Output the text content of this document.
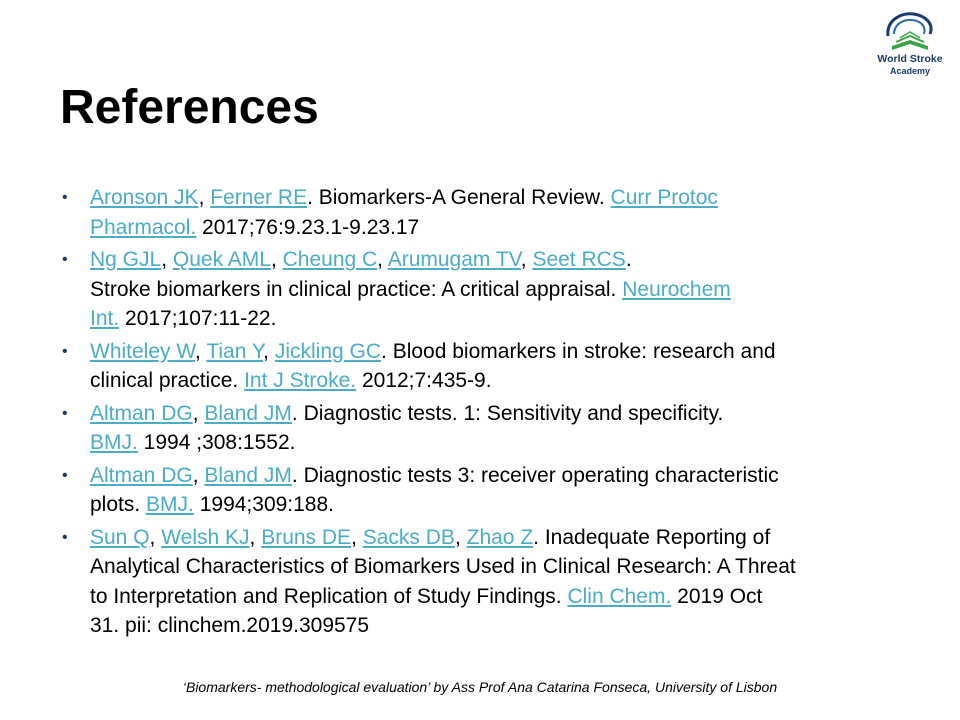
World Stroke
Academy
References
• Aronson JK, Ferner RE. Biomarkers-A General Review. Curr Protoc
Pharmacol. 2017;76:9.23.1-9.23.17
• Ng GJL, Quek AML, Cheung C, Arumugam TV, Seet RCS.
Stroke biomarkers in clinical practice: A critical appraisal. Neurochem
Int. 2017;107:11-22.
• Whiteley W, Tian Y, Jickling GC. Blood biomarkers in stroke: research and
clinical practice. Int J Stroke. 2012;7:435-9.
• Altman DG, Bland JM. Diagnostic tests. 1: Sensitivity and specificity.
BMJ. 1994 ;308:1552.
• Altman DG, Bland JM. Diagnostic tests 3: receiver operating characteristic
plots. BMJ. 1994;309:188.
• Sun Q, Welsh KJ, Bruns DE, Sacks DB, Zhao Z. Inadequate Reporting of
Analytical Characteristics of Biomarkers Used in Clinical Research: A Threat
to Interpretation and Replication of Study Findings. Clin Chem. 2019 Oct
31. pii: clinchem.2019.309575
‘Biomarkers- methodological evaluation’ by Ass Prof Ana Catarina Fonseca, University of Lisbon
